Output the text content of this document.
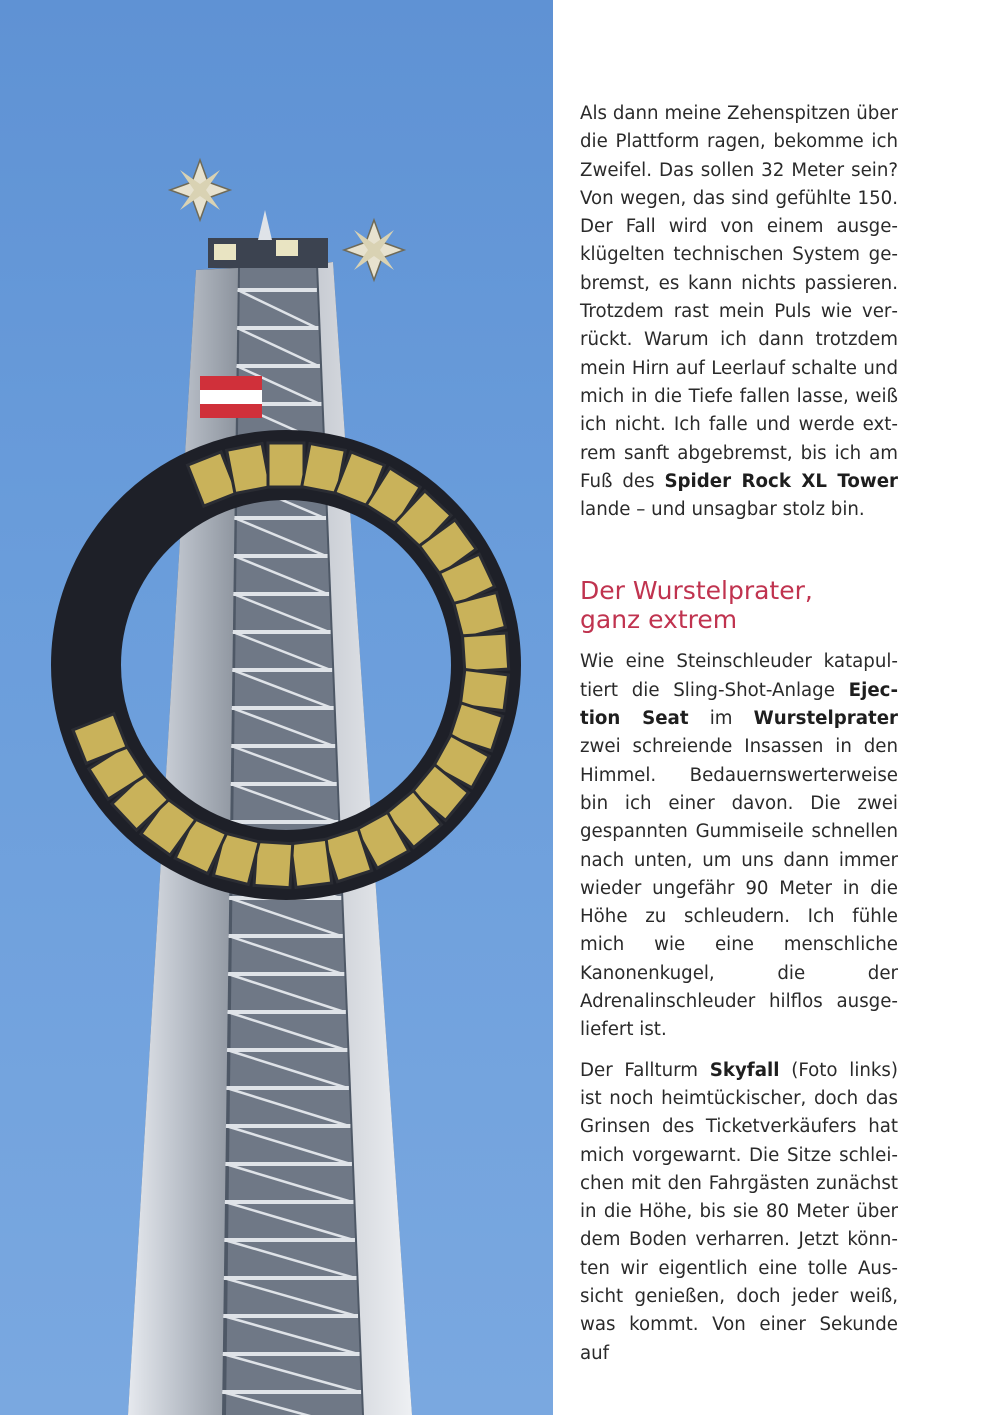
Als dann meine Zehenspitzen über die Plattform ragen, bekomme ich Zweifel. Das sollen 32 Meter sein? Von wegen, das sind gefühlte 150. Der Fall wird von einem ausgeklügelten technischen System gebremst, es kann nichts passieren. Trotzdem rast mein Puls wie verrückt. Warum ich dann trotzdem mein Hirn auf Leerlauf schalte und mich in die Tiefe fallen lasse, weiß ich nicht. Ich falle und werde extrem sanft abgebremst, bis ich am Fuß des Spider Rock XL Tower lande – und unsagbar stolz bin.

Der Wurstelprater,
ganz extrem

Wie eine Steinschleuder katapultiert die Sling-Shot-Anlage Ejection Seat im Wurstelprater zwei schreiende Insassen in den Himmel. Bedauernswerterweise bin ich einer davon. Die zwei gespannten Gummiseile schnellen nach unten, um uns dann immer wieder ungefähr 90 Meter in die Höhe zu schleudern. Ich fühle mich wie eine menschliche Kanonenkugel, die der Adrenalinschleuder hilflos ausgeliefert ist.

Der Fallturm Skyfall (Foto links) ist noch heimtückischer, doch das Grinsen des Ticketverkäufers hat mich vorgewarnt. Die Sitze schleichen mit den Fahrgästen zunächst in die Höhe, bis sie 80 Meter über dem Boden verharren. Jetzt könnten wir eigentlich eine tolle Aussicht genießen, doch jeder weiß, was kommt. Von einer Sekunde auf
